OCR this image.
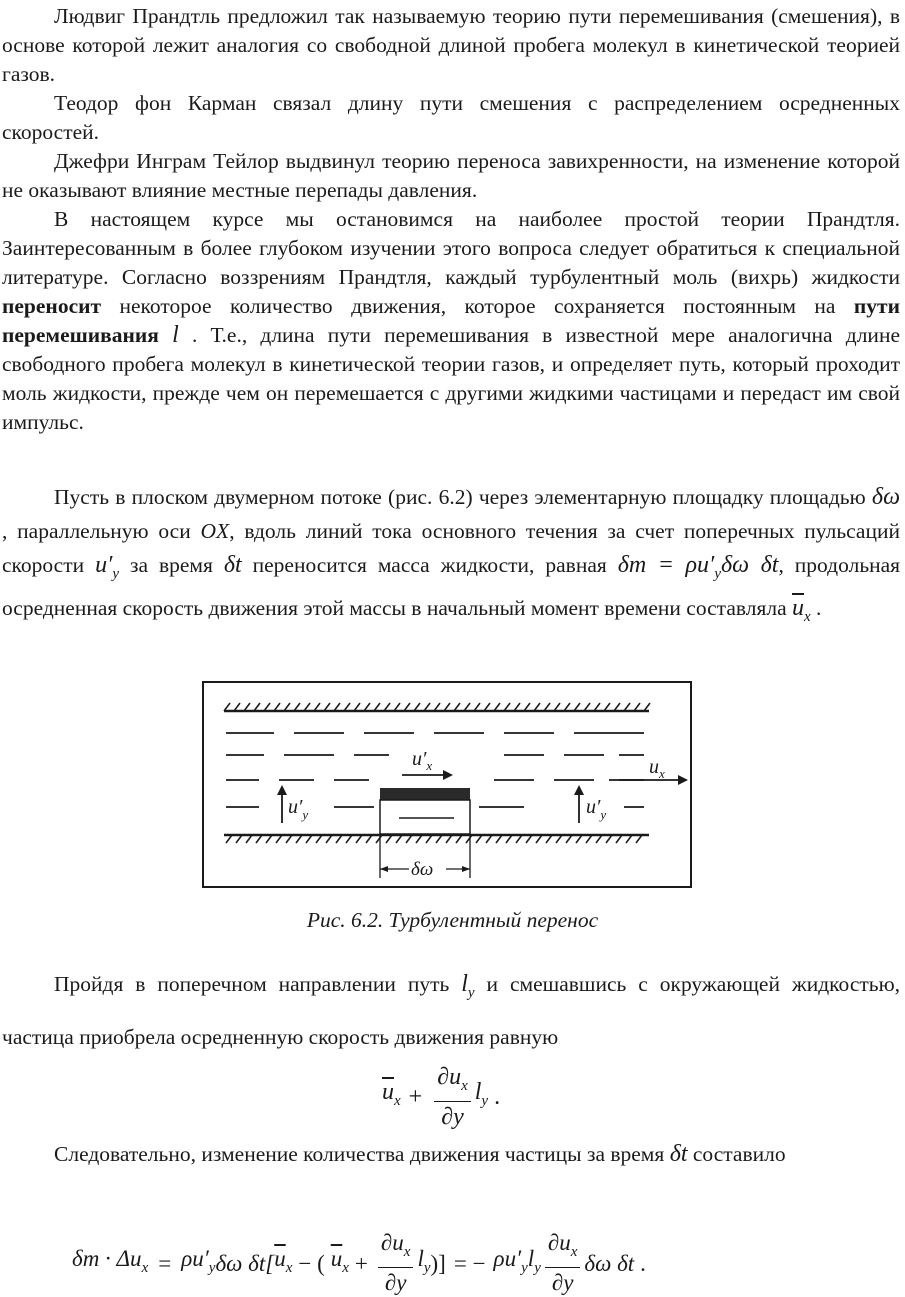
Людвиг Прандтль предложил так называемую теорию пути перемешивания (смешения), в основе которой лежит аналогия со свободной длиной пробега молекул в кинетической теорией газов.

Теодор фон Карман связал длину пути смешения с распределением осредненных скоростей.

Джефри Инграм Тейлор выдвинул теорию переноса завихренности, на изменение которой не оказывают влияние местные перепады давления.

В настоящем курсе мы остановимся на наиболее простой теории Прандтля. Заинтересованным в более глубоком изучении этого вопроса следует обратиться к специальной литературе. Согласно воззрениям Прандтля, каждый турбулентный моль (вихрь) жидкости переносит некоторое количество движения, которое сохраняется постоянным на пути перемешивания l . Т.е., длина пути перемешивания в известной мере аналогична длине свободного пробега молекул в кинетической теории газов, и определяет путь, который проходит моль жидкости, прежде чем он перемешается с другими жидкими частицами и передаст им свой импульс.

Пусть в плоском двумерном потоке (рис. 6.2) через элементарную площадку площадью δω , параллельную оси OX, вдоль линий тока основного течения за счет поперечных пульсаций скорости $u'_y$ за время δt переносится масса жидкости, равная $\delta m = \rho u'_y\delta\omega$ δt, продольная осредненная скорость движения этой массы в начальный момент времени составляла $\overline{u}_x$ .

$u'_x$	$u_x$
$u'_y$	$u'_y$
δω
Рис. 6.2. Турбулентный перенос

Пройдя в поперечном направлении путь $l_y$ и смешавшись с окружающей жидкостью, частица приобрела осредненную скорость движения равную

$\overline{u}_x + \frac{\partial u_x}{\partial y} l_y$ .

Следовательно, изменение количества движения частицы за время δt составило

$\delta m \cdot \Delta u_x = \rho u'_y$ δω δt[ $\overline{u}_x$ − ( $\overline{u}_x + \frac{\partial u_x}{\partial y} l_y$ )] = − $\rho u'_y$ $l_y \frac{\partial u_x}{\partial y}$ δω δt .
